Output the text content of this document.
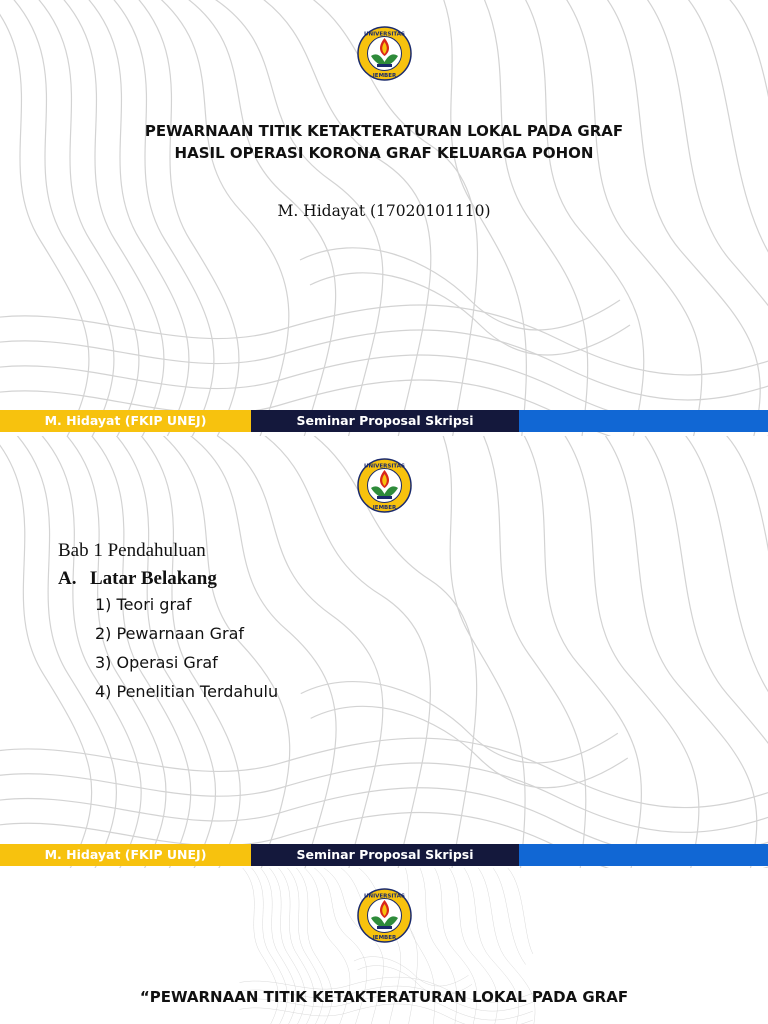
PEWARNAAN TITIK KETAKTERATURAN LOKAL PADA GRAF
HASIL OPERASI KORONA GRAF KELUARGA POHON
M. Hidayat (17020101110)
M. Hidayat (FKIP UNEJ)	Seminar Proposal Skripsi
Bab 1 Pendahuluan
A. Latar Belakang
1) Teori graf
2) Pewarnaan Graf
3) Operasi Graf
4) Penelitian Terdahulu
M. Hidayat (FKIP UNEJ)	Seminar Proposal Skripsi
“PEWARNAAN TITIK KETAKTERATURAN LOKAL PADA GRAF
